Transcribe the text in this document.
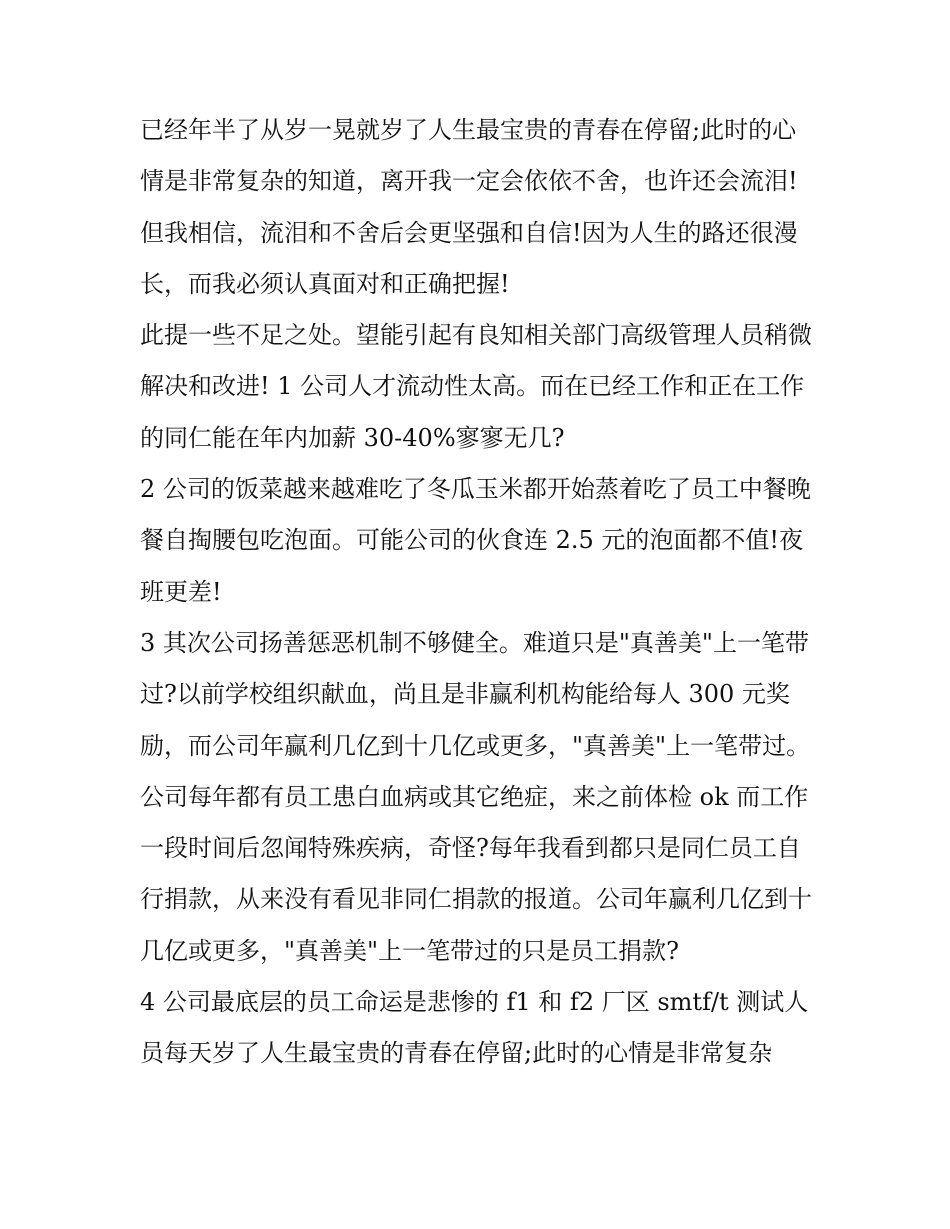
已经年半了从岁一晃就岁了人生最宝贵的青春在停留;此时的心情是非常复杂的知道，离开我一定会依依不舍，也许还会流泪!但我相信，流泪和不舍后会更坚强和自信!因为人生的路还很漫长，而我必须认真面对和正确把握!

此提一些不足之处。望能引起有良知相关部门高级管理人员稍微解决和改进! 1 公司人才流动性太高。而在已经工作和正在工作的同仁能在年内加薪 30-40%寥寥无几?

2 公司的饭菜越来越难吃了冬瓜玉米都开始蒸着吃了员工中餐晚餐自掏腰包吃泡面。可能公司的伙食连 2.5 元的泡面都不值!夜班更差!

3 其次公司扬善惩恶机制不够健全。难道只是"真善美"上一笔带过?以前学校组织献血，尚且是非赢利机构能给每人 300 元奖励，而公司年赢利几亿到十几亿或更多，"真善美"上一笔带过。公司每年都有员工患白血病或其它绝症，来之前体检 ok 而工作一段时间后忽闻特殊疾病，奇怪?每年我看到都只是同仁员工自行捐款，从来没有看见非同仁捐款的报道。公司年赢利几亿到十几亿或更多，"真善美"上一笔带过的只是员工捐款?

4 公司最底层的员工命运是悲惨的 f1 和 f2 厂区 smtf/t 测试人员每天岁了人生最宝贵的青春在停留;此时的心情是非常复杂
